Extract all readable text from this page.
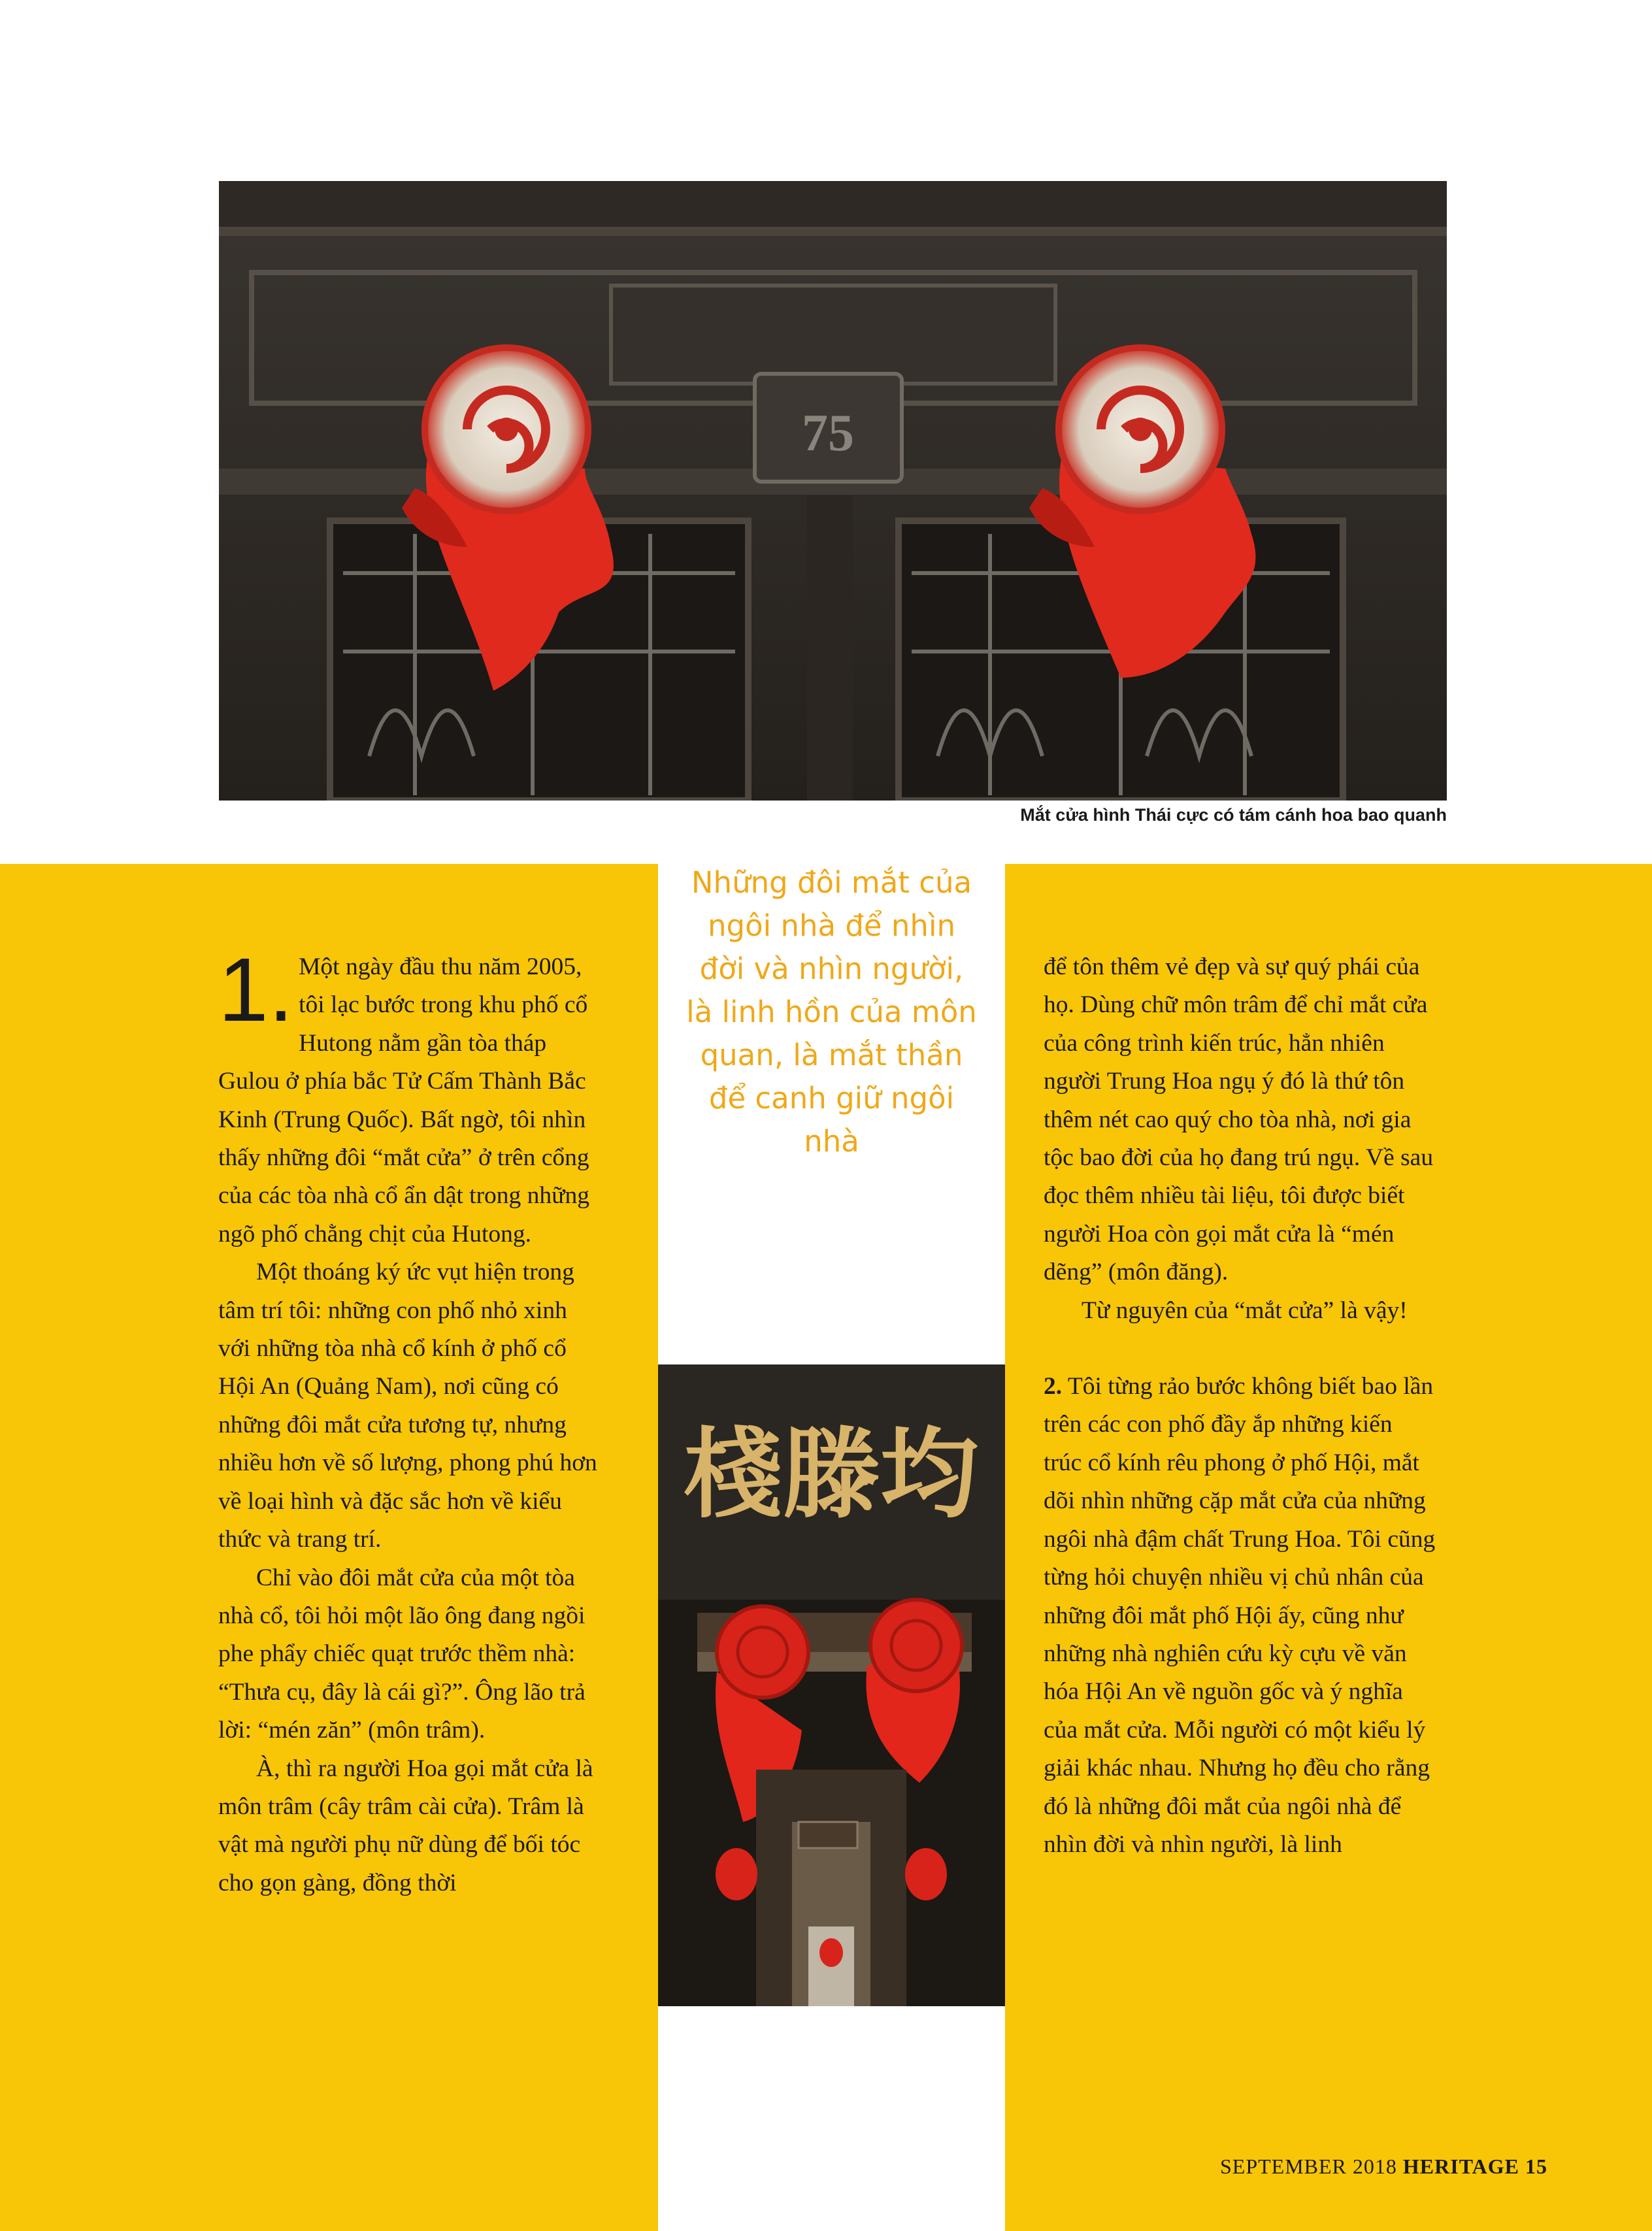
75
Mắt cửa hình Thái cực có tám cánh hoa bao quanh
Những đôi mắt của ngôi nhà để nhìn đời và nhìn người, là linh hồn của môn quan, là mắt thần để canh giữ ngôi nhà
棧滕均
1. Một ngày đầu thu năm 2005, tôi lạc bước trong khu phố cổ Hutong nằm gần tòa tháp Gulou ở phía bắc Tử Cấm Thành Bắc Kinh (Trung Quốc). Bất ngờ, tôi nhìn thấy những đôi “mắt cửa” ở trên cổng của các tòa nhà cổ ẩn dật trong những ngõ phố chằng chịt của Hutong.

Một thoáng ký ức vụt hiện trong tâm trí tôi: những con phố nhỏ xinh với những tòa nhà cổ kính ở phố cổ Hội An (Quảng Nam), nơi cũng có những đôi mắt cửa tương tự, nhưng nhiều hơn về số lượng, phong phú hơn về loại hình và đặc sắc hơn về kiểu thức và trang trí.

Chỉ vào đôi mắt cửa của một tòa nhà cổ, tôi hỏi một lão ông đang ngồi phe phẩy chiếc quạt trước thềm nhà: “Thưa cụ, đây là cái gì?”. Ông lão trả lời: “mén zăn” (môn trâm).

À, thì ra người Hoa gọi mắt cửa là môn trâm (cây trâm cài cửa). Trâm là vật mà người phụ nữ dùng để bối tóc cho gọn gàng, đồng thời

để tôn thêm vẻ đẹp và sự quý phái của họ. Dùng chữ môn trâm để chỉ mắt cửa của công trình kiến trúc, hẳn nhiên người Trung Hoa ngụ ý đó là thứ tôn thêm nét cao quý cho tòa nhà, nơi gia tộc bao đời của họ đang trú ngụ. Về sau đọc thêm nhiều tài liệu, tôi được biết người Hoa còn gọi mắt cửa là “mén dẽng” (môn đăng).

Từ nguyên của “mắt cửa” là vậy!

2. Tôi từng rảo bước không biết bao lần trên các con phố đầy ắp những kiến trúc cổ kính rêu phong ở phố Hội, mắt dõi nhìn những cặp mắt cửa của những ngôi nhà đậm chất Trung Hoa. Tôi cũng từng hỏi chuyện nhiều vị chủ nhân của những đôi mắt phố Hội ấy, cũng như những nhà nghiên cứu kỳ cựu về văn hóa Hội An về nguồn gốc và ý nghĩa của mắt cửa. Mỗi người có một kiểu lý giải khác nhau. Nhưng họ đều cho rằng đó là những đôi mắt của ngôi nhà để nhìn đời và nhìn người, là linh

SEPTEMBER 2018 HERITAGE 15
